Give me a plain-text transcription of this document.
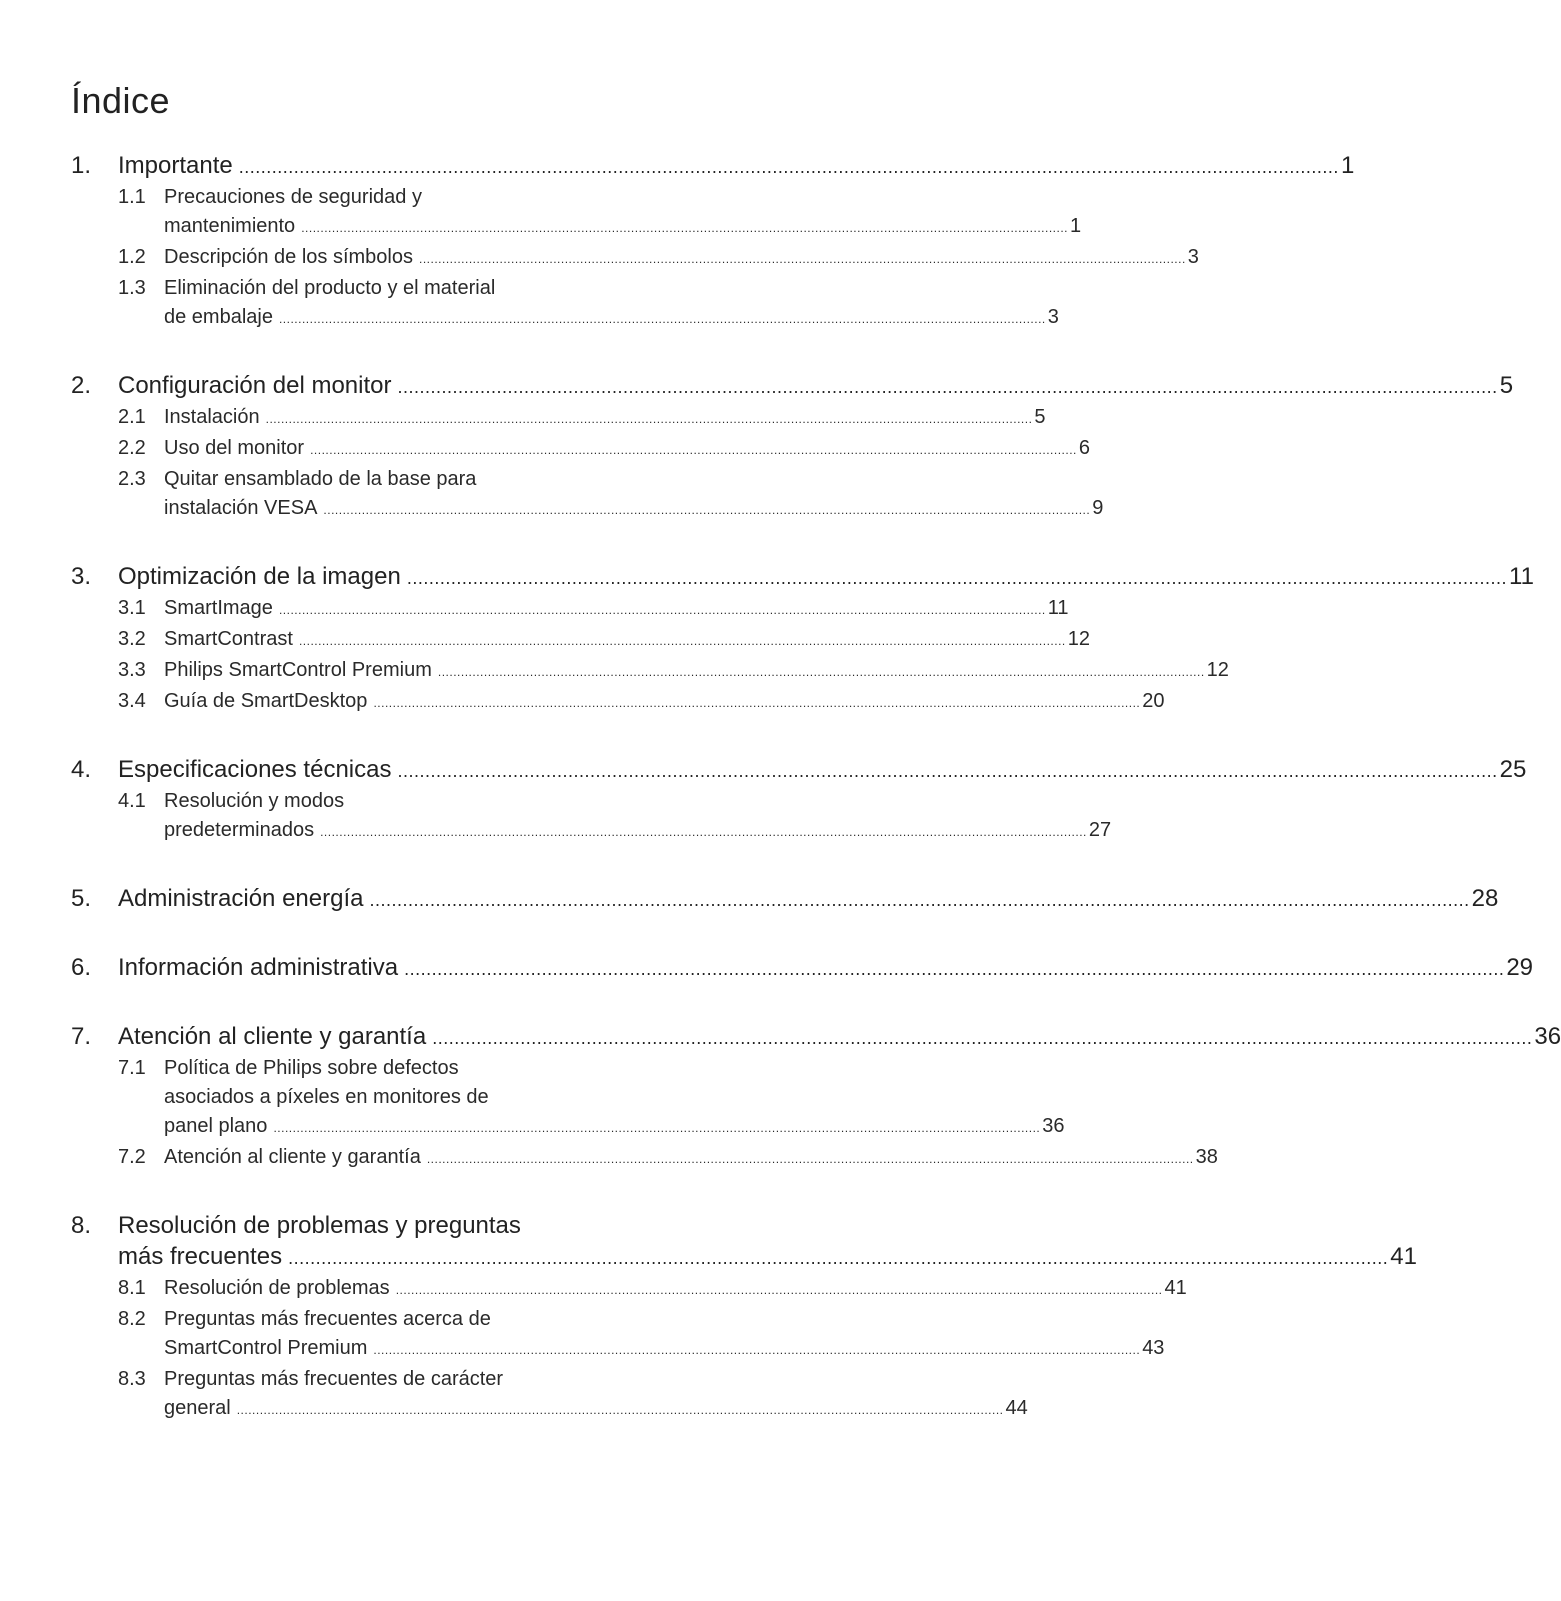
Índice
1. Importante ........................................................................................................................................................................................................ 1
1.1 Precauciones de seguridad y
mantenimiento ........................................................................................................................................................................................................ 1
1.2 Descripción de los símbolos ........................................................................................................................................................................................................ 3
1.3 Eliminación del producto y el material
de embalaje ........................................................................................................................................................................................................ 3
2. Configuración del monitor ........................................................................................................................................................................................................ 5
2.1 Instalación ........................................................................................................................................................................................................ 5
2.2 Uso del monitor ........................................................................................................................................................................................................ 6
2.3 Quitar ensamblado de la base para
instalación VESA ........................................................................................................................................................................................................ 9
3. Optimización de la imagen ........................................................................................................................................................................................................ 11
3.1 SmartImage ........................................................................................................................................................................................................ 11
3.2 SmartContrast ........................................................................................................................................................................................................ 12
3.3 Philips SmartControl Premium ........................................................................................................................................................................................................ 12
3.4 Guía de SmartDesktop ........................................................................................................................................................................................................ 20
4. Especificaciones técnicas ........................................................................................................................................................................................................ 25
4.1 Resolución y modos
predeterminados ........................................................................................................................................................................................................ 27
5. Administración energía ........................................................................................................................................................................................................ 28
6. Información administrativa ........................................................................................................................................................................................................ 29
7. Atención al cliente y garantía ........................................................................................................................................................................................................ 36
7.1 Política de Philips sobre defectos
asociados a píxeles en monitores de
panel plano ........................................................................................................................................................................................................ 36
7.2 Atención al cliente y garantía ........................................................................................................................................................................................................ 38
8.	Resolución de problemas y preguntas
más frecuentes ........................................................................................................................................................................................................ 41
8.1 Resolución de problemas ........................................................................................................................................................................................................ 41
8.2 Preguntas más frecuentes acerca de
SmartControl Premium ........................................................................................................................................................................................................ 43
8.3 Preguntas más frecuentes de carácter
general ........................................................................................................................................................................................................ 44
